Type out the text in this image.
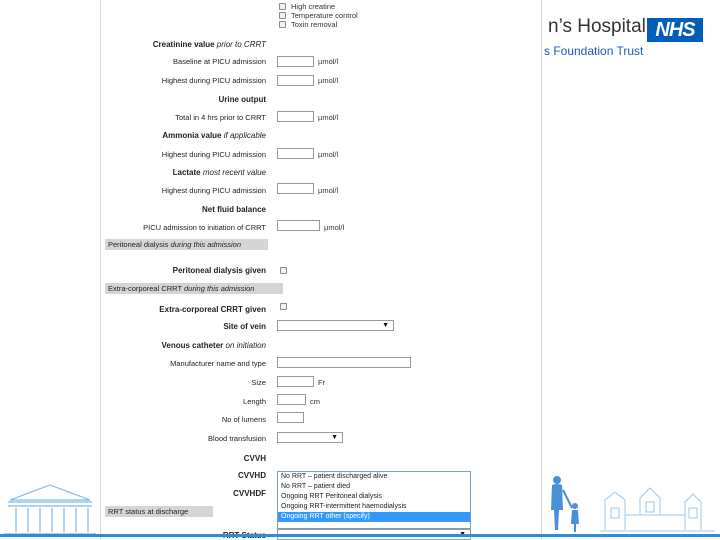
High creatine
Temperature control
Toxin removal
Creatinine value prior to CRRT
Baseline at PICU admission	µmol/l
Highest during PICU admission	µmol/l
Urine output
Total in 4 hrs prior to CRRT	µmol/l
Ammonia value if applicable
Highest during PICU admission	µmol/l
Lactate most recent value
Highest during PICU admission	µmol/l
Net fluid balance
PICU admission to initiation of CRRT	µmol/l
Peritoneal dialysis during this admission
Peritoneal dialysis given
Extra-corporeal CRRT during this admission
Extra-corporeal CRRT given
Site of vein	▼
Venous catheter on initiation
Manufacturer name and type
Size	Fr
Length	cm
No of lumens
Blood transfusion	▼
CVVH
CVVHD
CVVHDF
RRT status at discharge
No RRT – patient discharged alive
No RRT – patient died
Ongoing RRT Peritoneal dialysis
Ongoing RRT-intermittent haemodialysis
Ongoing RRT other (specify)
n’s Hospital
s Foundation Trust
NHS
